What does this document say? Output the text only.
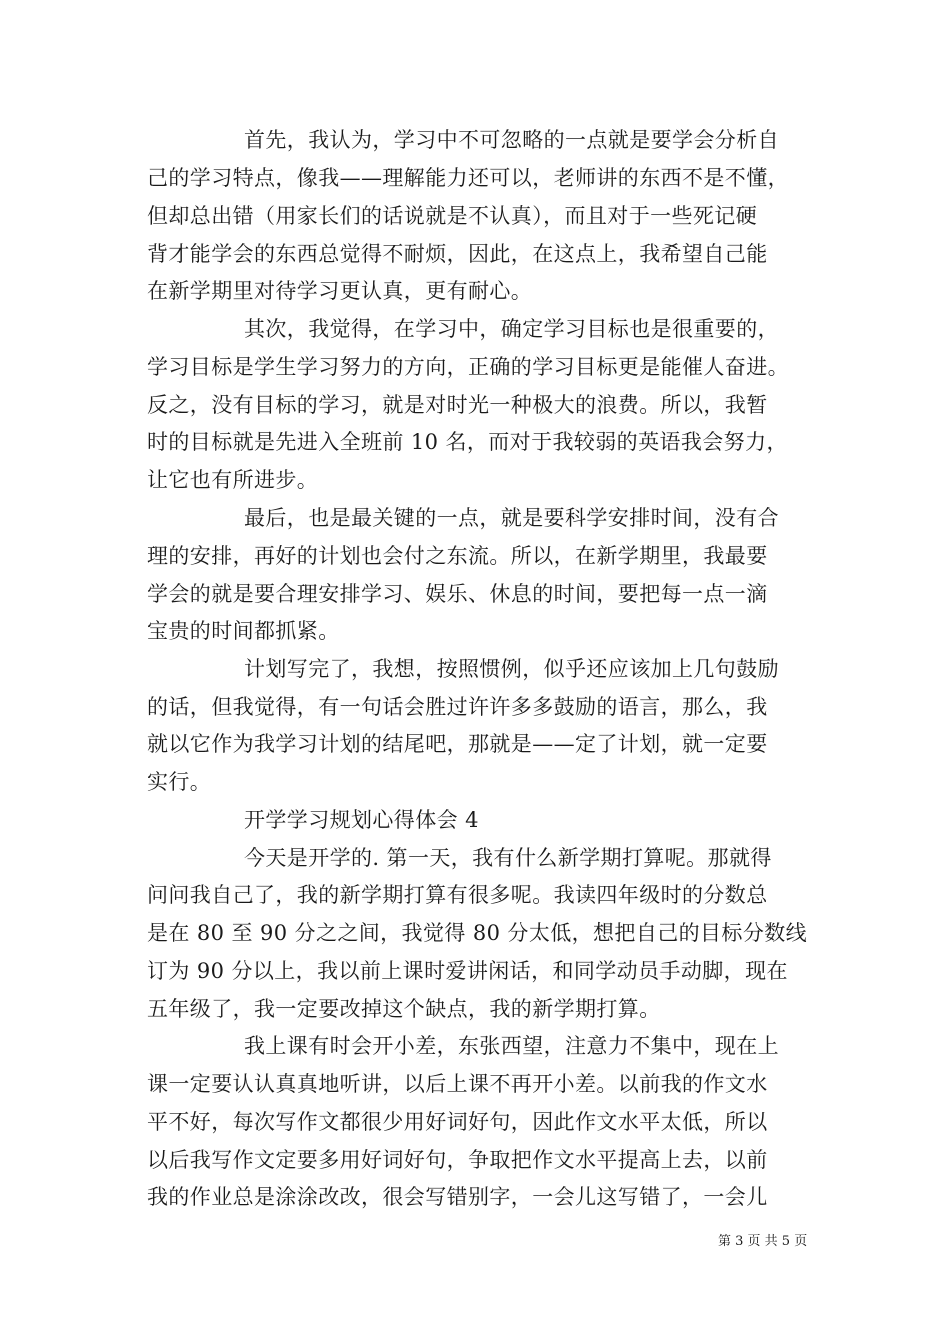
首先，我认为，学习中不可忽略的一点就是要学会分析自
己的学习特点，像我——理解能力还可以，老师讲的东西不是不懂，
但却总出错（用家长们的话说就是不认真），而且对于一些死记硬
背才能学会的东西总觉得不耐烦，因此，在这点上，我希望自己能
在新学期里对待学习更认真，更有耐心。
其次，我觉得，在学习中，确定学习目标也是很重要的，
学习目标是学生学习努力的方向，正确的学习目标更是能催人奋进。
反之，没有目标的学习，就是对时光一种极大的浪费。所以，我暂
时的目标就是先进入全班前 10 名，而对于我较弱的英语我会努力，
让它也有所进步。
最后，也是最关键的一点，就是要科学安排时间，没有合
理的安排，再好的计划也会付之东流。所以，在新学期里，我最要
学会的就是要合理安排学习、娱乐、休息的时间，要把每一点一滴
宝贵的时间都抓紧。
计划写完了，我想，按照惯例，似乎还应该加上几句鼓励
的话，但我觉得，有一句话会胜过许许多多鼓励的语言，那么，我
就以它作为我学习计划的结尾吧，那就是——定了计划，就一定要
实行。
开学学习规划心得体会 4
今天是开学的. 第一天，我有什么新学期打算呢。那就得
问问我自己了，我的新学期打算有很多呢。我读四年级时的分数总
是在 80 至 90 分之之间，我觉得 80 分太低，想把自己的目标分数线
订为 90 分以上，我以前上课时爱讲闲话，和同学动员手动脚，现在
五年级了，我一定要改掉这个缺点，我的新学期打算。
我上课有时会开小差，东张西望，注意力不集中，现在上
课一定要认认真真地听讲，以后上课不再开小差。以前我的作文水
平不好，每次写作文都很少用好词好句，因此作文水平太低，所以
以后我写作文定要多用好词好句，争取把作文水平提高上去，以前
我的作业总是涂涂改改，很会写错别字，一会儿这写错了，一会儿
第 3 页 共 5 页
